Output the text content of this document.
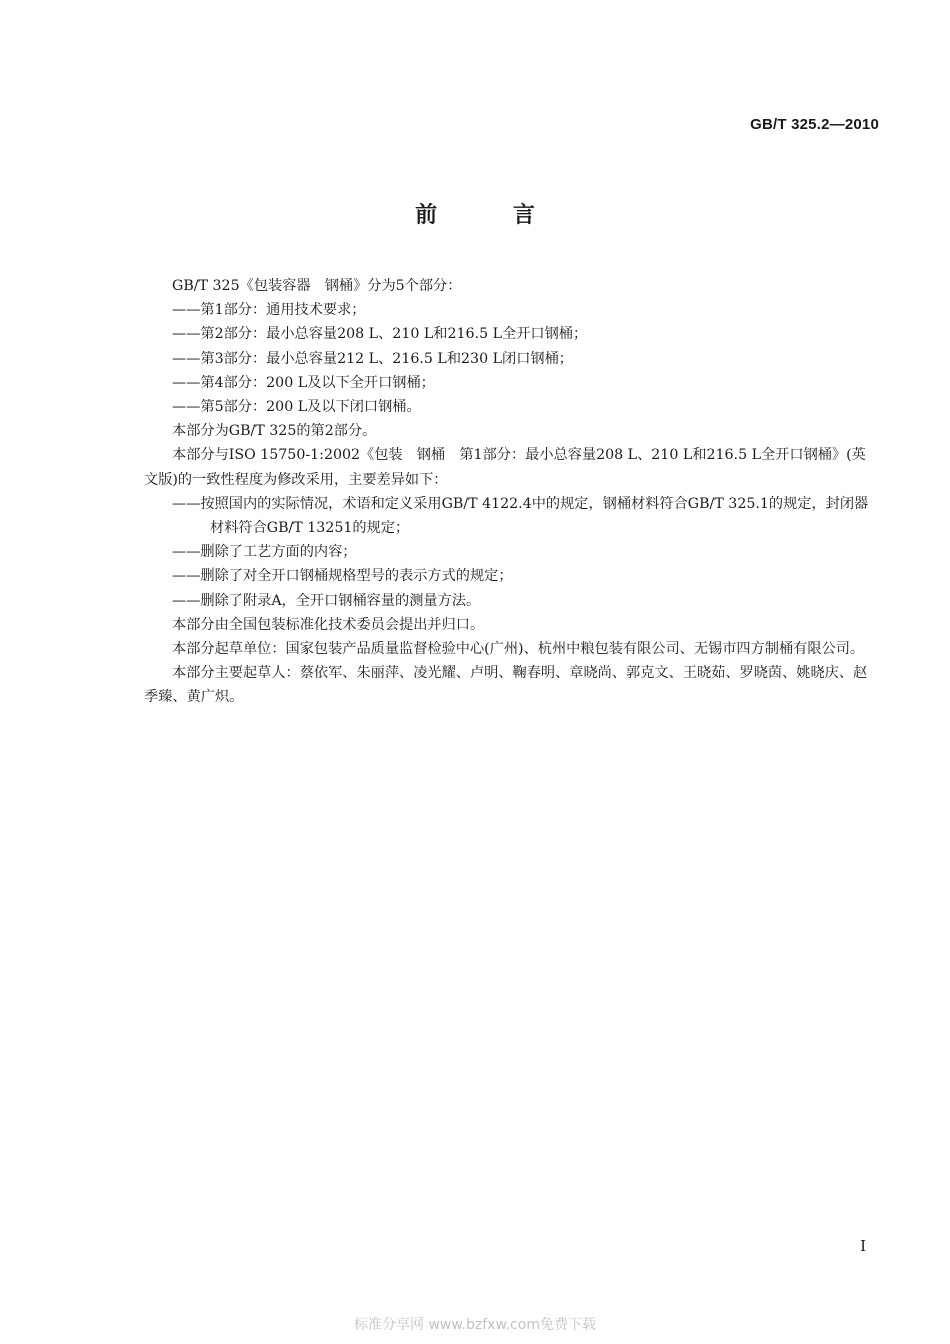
GB/T 325.2—2010
前 言

GB/T 325《包装容器　钢桶》分为5个部分：

——第1部分：通用技术要求；

——第2部分：最小总容量208 L、210 L和216.5 L全开口钢桶；

——第3部分：最小总容量212 L、216.5 L和230 L闭口钢桶；

——第4部分：200 L及以下全开口钢桶；

——第5部分：200 L及以下闭口钢桶。

本部分为GB/T 325的第2部分。

本部分与ISO 15750-1:2002《包装　钢桶　第1部分：最小总容量208 L、210 L和216.5 L全开口钢桶》(英文版)的一致性程度为修改采用，主要差异如下：

——按照国内的实际情况，术语和定义采用GB/T 4122.4中的规定，钢桶材料符合GB/T 325.1的规定，封闭器材料符合GB/T 13251的规定；

——删除了工艺方面的内容；

——删除了对全开口钢桶规格型号的表示方式的规定；

——删除了附录A，全开口钢桶容量的测量方法。

本部分由全国包装标准化技术委员会提出并归口。

本部分起草单位：国家包装产品质量监督检验中心(广州)、杭州中粮包装有限公司、无锡市四方制桶有限公司。

本部分主要起草人：蔡依军、朱丽萍、凌光耀、卢明、鞠春明、章晓尚、郭克文、王晓茹、罗晓茵、姚晓庆、赵季臻、黄广炽。

I
标准分享网 www.bzfxw.com免费下载
